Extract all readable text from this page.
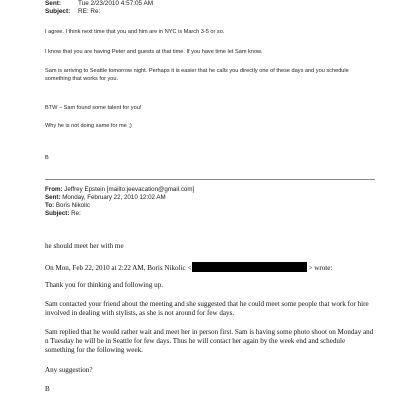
Sent:	Tue 2/23/2010 4:57:05 AM
Subject: RE: Re:
I agree. I think next time that you and him are in NYC is March 3-5 or so.
I know that you are having Peter and guests at that time. If you have time let Sam know.
Sam is arriving to Seattle tomorrow night. Perhaps it is easier that he calls you directly one of these days and you schedule something that works for you.
BTW – Sam found some talent for you!
Why he is not doing same for me ;)
B
From: Jeffrey Epstein [mailto:jeevacation@gmail.com]
Sent: Monday, February 22, 2010 12:02 AM
To: Boris Nikolic
Subject: Re:
he should meet her with me
On Mon, Feb 22, 2010 at 2:22 AM, Boris Nikolic <	> wrote:
Thank you for thinking and following up.
Sam contacted your friend about the meeting and she suggested that he could meet some people that work for hire involved in dealing with stylists, as she is not around for few days.
Sam replied that he would rather wait and meet her in person first. Sam is having some photo shoot on Monday and n Tuesday he will be in Seattle for few days. Thus he will contact her again by the week end and schedule something for the following week.
Any suggestion?
B
